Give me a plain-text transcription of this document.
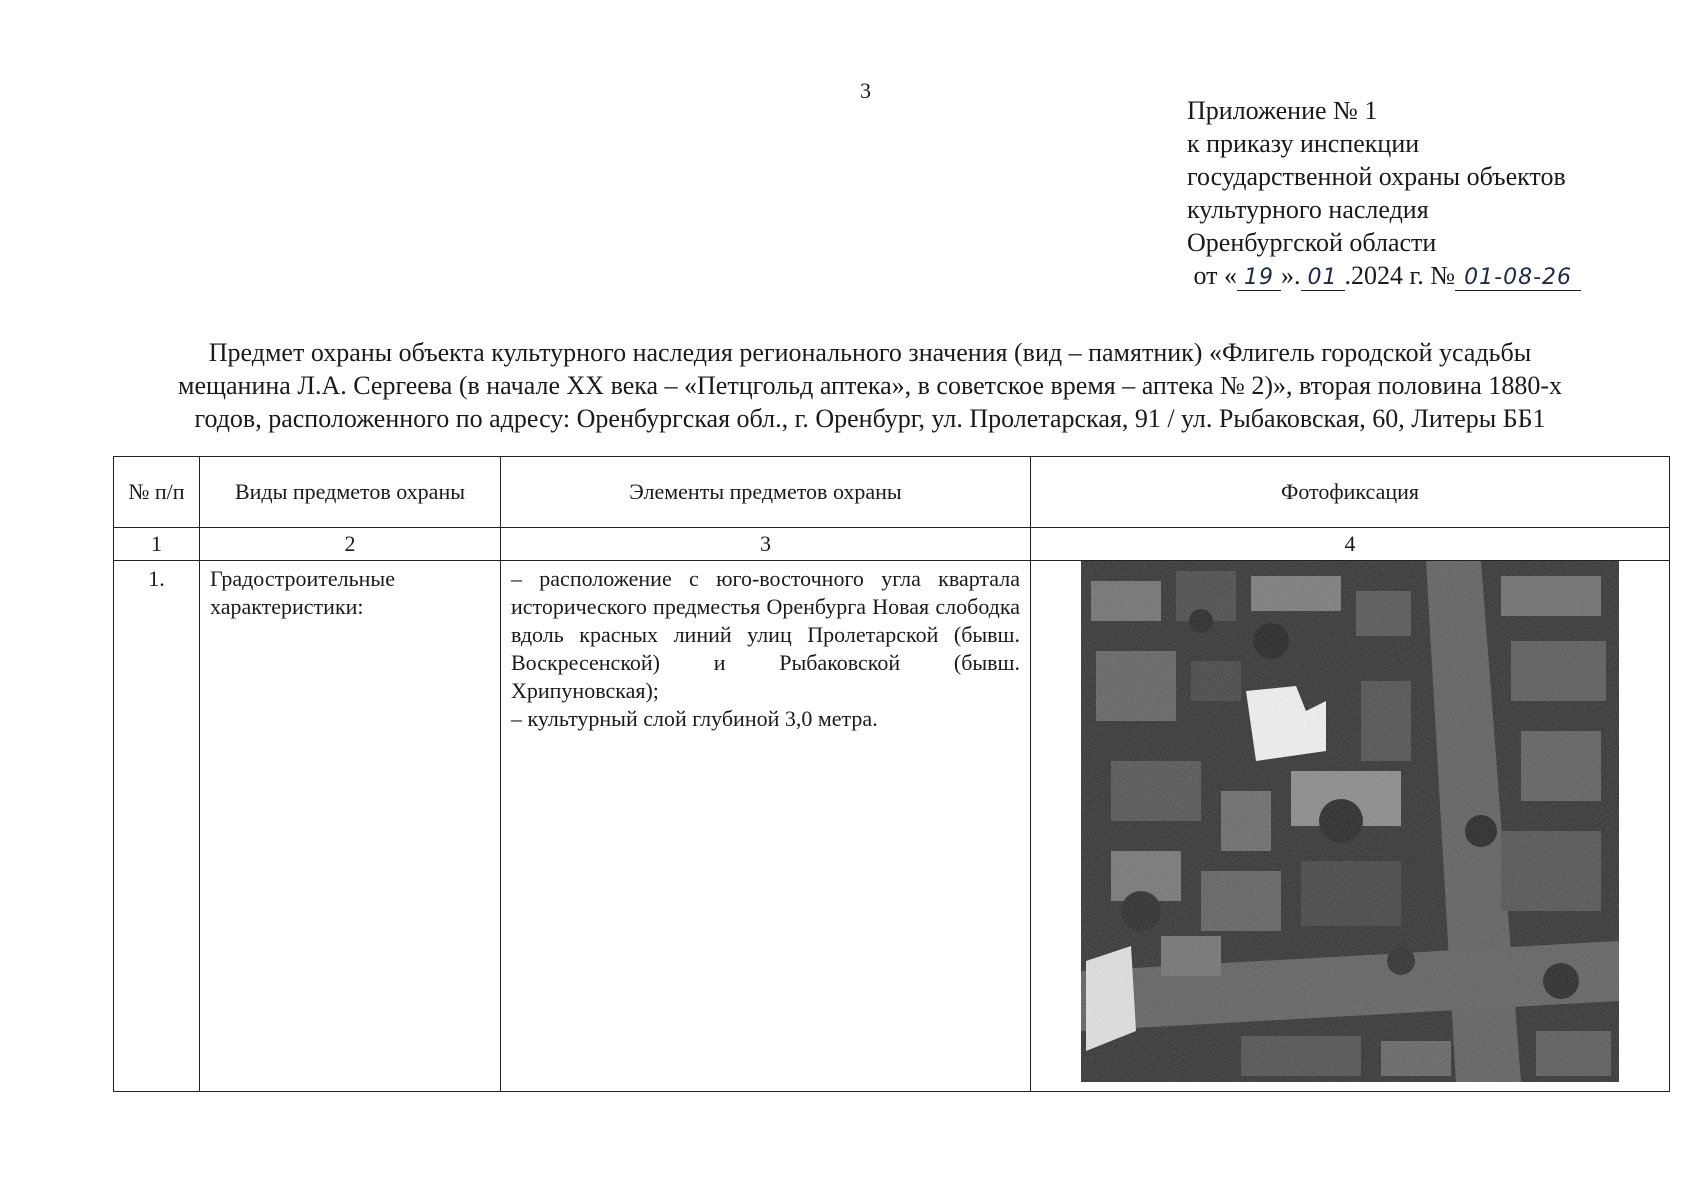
3
Приложение № 1
к приказу инспекции
государственной охраны объектов
культурного наследия
Оренбургской области
от « 19 ». 01 .2024 г. № 01-08-26
Предмет охраны объекта культурного наследия регионального значения (вид – памятник) «Флигель городской усадьбы
мещанина Л.А. Сергеева (в начале XX века – «Петцгольд аптека», в советское время – аптека № 2)», вторая половина 1880-х
годов, расположенного по адресу: Оренбургская обл., г. Оренбург, ул. Пролетарская, 91 / ул. Рыбаковская, 60, Литеры ББ1
№ п/п	Виды предметов охраны	Элементы предметов охраны	Фотофиксация
1	2	3	4
1.	Градостроительные характеристики:	– расположение с юго-восточного угла квартала исторического предместья Оренбурга Новая слободка вдоль красных линий улиц Пролетарской (бывш. Воскресенской) и Рыбаковской (бывш. Хрипуновская);
– культурный слой глубиной 3,0 метра.
